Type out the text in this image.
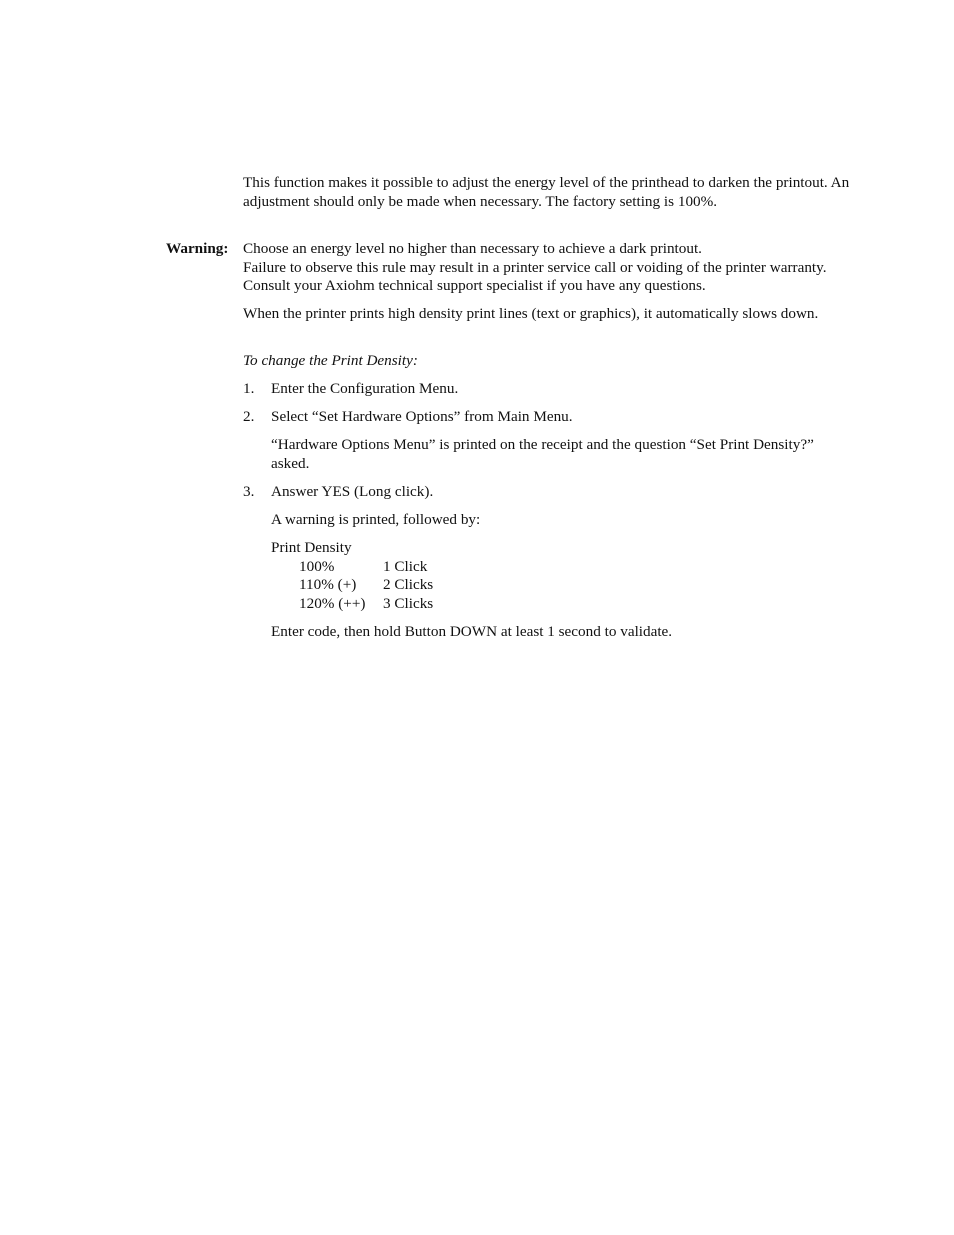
This function makes it possible to adjust the energy level of the printhead to darken the printout. An adjustment should only be made when necessary. The factory setting is 100%.

Warning: Choose an energy level no higher than necessary to achieve a dark printout.

Failure to observe this rule may result in a printer service call or voiding of the printer warranty. Consult your Axiohm technical support specialist if you have any questions.

When the printer prints high density print lines (text or graphics), it automatically slows down.

To change the Print Density:

1. Enter the Configuration Menu.
2. Select “Set Hardware Options” from Main Menu.

“Hardware Options Menu” is printed on the receipt and the question “Set Print Density?” asked.

3. Answer YES (Long click).

A warning is printed, followed by:

Print Density

100%	1 Click
110% (+) 2 Clicks
120% (++) 3 Clicks

Enter code, then hold Button DOWN at least 1 second to validate.
